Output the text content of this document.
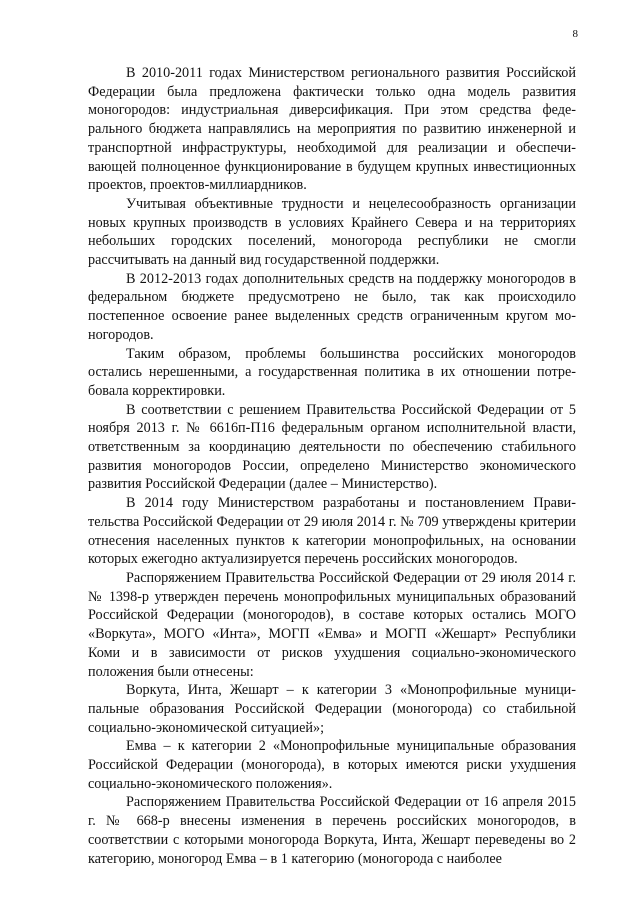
8

В 2010-2011 годах Министерством регионального развития Российской Федерации была предложена фактически только одна модель развития моногородов: индустриальная диверсификация. При этом средства федерального бюджета направлялись на мероприятия по развитию инженерной и транспортной инфраструктуры, необходимой для реализации и обеспечивающей полноценное функционирование в будущем крупных инвестиционных проектов, проектов-миллиардников.

Учитывая объективные трудности и нецелесообразность организации новых крупных производств в условиях Крайнего Севера и на территориях небольших городских поселений, моногорода республики не смогли рассчитывать на данный вид государственной поддержки.

В 2012-2013 годах дополнительных средств на поддержку моногородов в федеральном бюджете предусмотрено не было, так как происходило постепенное освоение ранее выделенных средств ограниченным кругом моногородов.

Таким образом, проблемы большинства российских моногородов остались нерешенными, а государственная политика в их отношении потребовала корректировки.

В соответствии с решением Правительства Российской Федерации от 5 ноября 2013 г. № 6616п-П16 федеральным органом исполнительной власти, ответственным за координацию деятельности по обеспечению стабильного развития моногородов России, определено Министерство экономического развития Российской Федерации (далее – Министерство).

В 2014 году Министерством разработаны и постановлением Правительства Российской Федерации от 29 июля 2014 г. № 709 утверждены критерии отнесения населенных пунктов к категории монопрофильных, на основании которых ежегодно актуализируется перечень российских моногородов.

Распоряжением Правительства Российской Федерации от 29 июля 2014 г. № 1398-р утвержден перечень монопрофильных муниципальных образований Российской Федерации (моногородов), в составе которых остались МОГО «Воркута», МОГО «Инта», МОГП «Емва» и МОГП «Жешарт» Республики Коми и в зависимости от рисков ухудшения социально-экономического положения были отнесены:

Воркута, Инта, Жешарт – к категории 3 «Монопрофильные муниципальные образования Российской Федерации (моногорода) со стабильной социально-экономической ситуацией»;

Емва – к категории 2 «Монопрофильные муниципальные образования Российской Федерации (моногорода), в которых имеются риски ухудшения социально-экономического положения».

Распоряжением Правительства Российской Федерации от 16 апреля 2015 г. № 668-р внесены изменения в перечень российских моногородов, в соответствии с которыми моногорода Воркута, Инта, Жешарт переведены во 2 категорию, моногород Емва – в 1 категорию (моногорода с наиболее
